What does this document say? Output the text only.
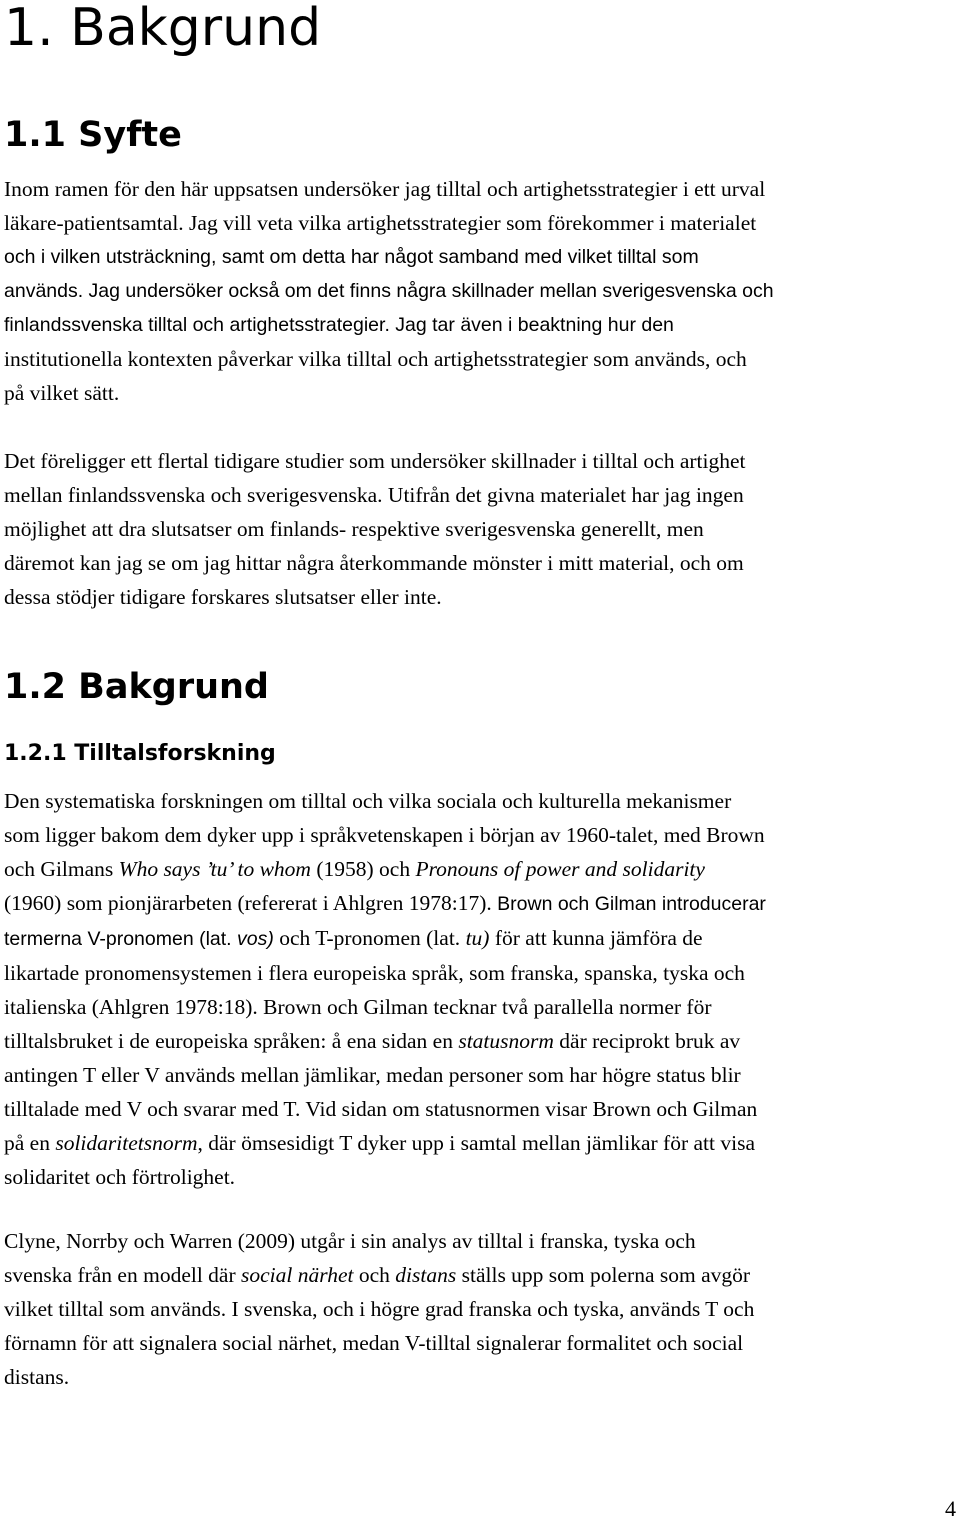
1. Bakgrund
1.1 Syfte

Inom ramen för den här uppsatsen undersöker jag tilltal och artighetsstrategier i ett urval
läkare-patientsamtal. Jag vill veta vilka artighetsstrategier som förekommer i materialet
och i vilken utsträckning, samt om detta har något samband med vilket tilltal som
används. Jag undersöker också om det finns några skillnader mellan sverigesvenska och
finlandssvenska tilltal och artighetsstrategier. Jag tar även i beaktning hur den
institutionella kontexten påverkar vilka tilltal och artighetsstrategier som används, och
på vilket sätt.

Det föreligger ett flertal tidigare studier som undersöker skillnader i tilltal och artighet
mellan finlandssvenska och sverigesvenska. Utifrån det givna materialet har jag ingen
möjlighet att dra slutsatser om finlands- respektive sverigesvenska generellt, men
däremot kan jag se om jag hittar några återkommande mönster i mitt material, och om
dessa stödjer tidigare forskares slutsatser eller inte.

1.2 Bakgrund
1.2.1 Tilltalsforskning

Den systematiska forskningen om tilltal och vilka sociala och kulturella mekanismer
som ligger bakom dem dyker upp i språkvetenskapen i början av 1960-talet, med Brown
och Gilmans Who says ’tu’ to whom (1958) och Pronouns of power and solidarity
(1960) som pionjärarbeten (refererat i Ahlgren 1978:17). Brown och Gilman introducerar
termerna V-pronomen (lat. vos) och T-pronomen (lat. tu) för att kunna jämföra de
likartade pronomensystemen i flera europeiska språk, som franska, spanska, tyska och
italienska (Ahlgren 1978:18). Brown och Gilman tecknar två parallella normer för
tilltalsbruket i de europeiska språken: å ena sidan en statusnorm där reciprokt bruk av
antingen T eller V används mellan jämlikar, medan personer som har högre status blir
tilltalade med V och svarar med T. Vid sidan om statusnormen visar Brown och Gilman
på en solidaritetsnorm, där ömsesidigt T dyker upp i samtal mellan jämlikar för att visa
solidaritet och förtrolighet.

Clyne, Norrby och Warren (2009) utgår i sin analys av tilltal i franska, tyska och
svenska från en modell där social närhet och distans ställs upp som polerna som avgör
vilket tilltal som används. I svenska, och i högre grad franska och tyska, används T och
förnamn för att signalera social närhet, medan V-tilltal signalerar formalitet och social
distans.

4
